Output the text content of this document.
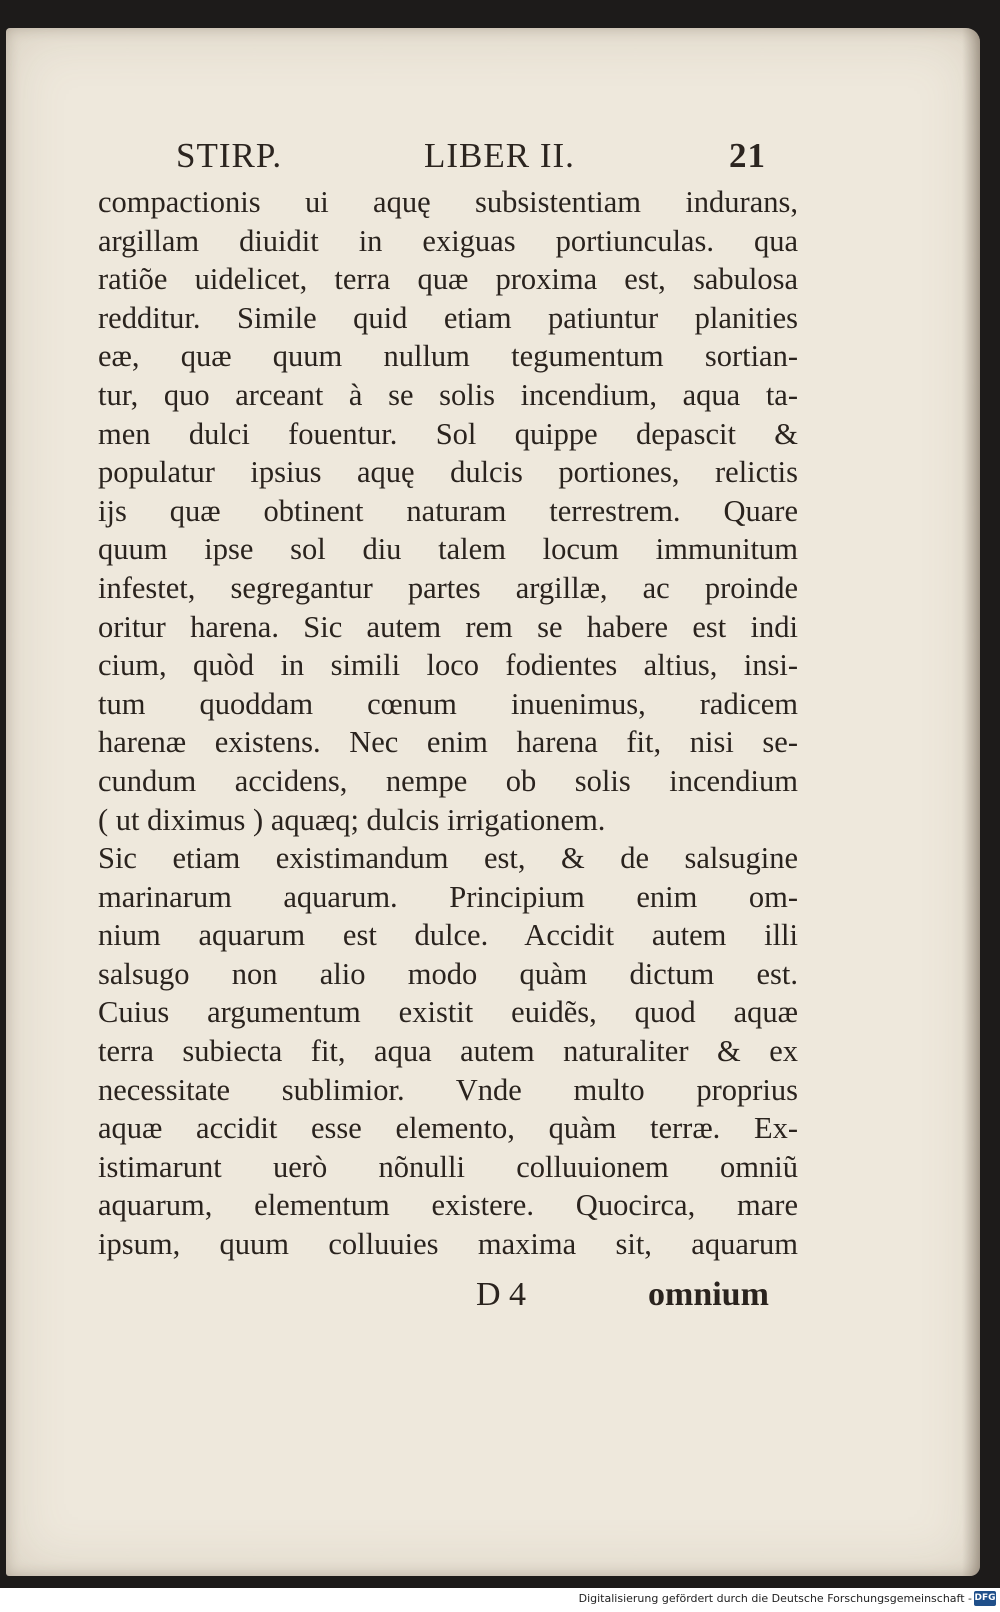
STIRP.	LIBER II.	21
compactionis ui aquę subsistentiam indurans,
argillam diuidit in exiguas portiunculas. qua
ratiõe uidelicet, terra quæ proxima est, sabulosa
redditur. Simile quid etiam patiuntur planities
eæ, quæ quum nullum tegumentum sortian-
tur, quo arceant à se solis incendium, aqua ta-
men dulci fouentur. Sol quippe depascit &
populatur ipsius aquę dulcis portiones, relictis
ijs quæ obtinent naturam terrestrem. Quare
quum ipse sol diu talem locum immunitum
infestet, segregantur partes argillæ, ac proinde
oritur harena. Sic autem rem se habere est indi
cium, quòd in simili loco fodientes altius, insi-
tum quoddam cœnum inuenimus, radicem
harenæ existens. Nec enim harena fit, nisi se-
cundum accidens, nempe ob solis incendium
( ut diximus ) aquæq; dulcis irrigationem.
Sic etiam existimandum est, & de salsugine
marinarum aquarum. Principium enim om-
nium aquarum est dulce. Accidit autem illi
salsugo non alio modo quàm dictum est.
Cuius argumentum existit euidẽs, quod aquæ
terra subiecta fit, aqua autem naturaliter & ex
necessitate sublimior. Vnde multo proprius
aquæ accidit esse elemento, quàm terræ. Ex-
istimarunt uerò nõnulli colluuionem omniũ
aquarum, elementum existere. Quocirca, mare
ipsum, quum colluuies maxima sit, aquarum
D 4	omnium
Digitalisierung gefördert durch die Deutsche Forschungsgemeinschaft - DFG
